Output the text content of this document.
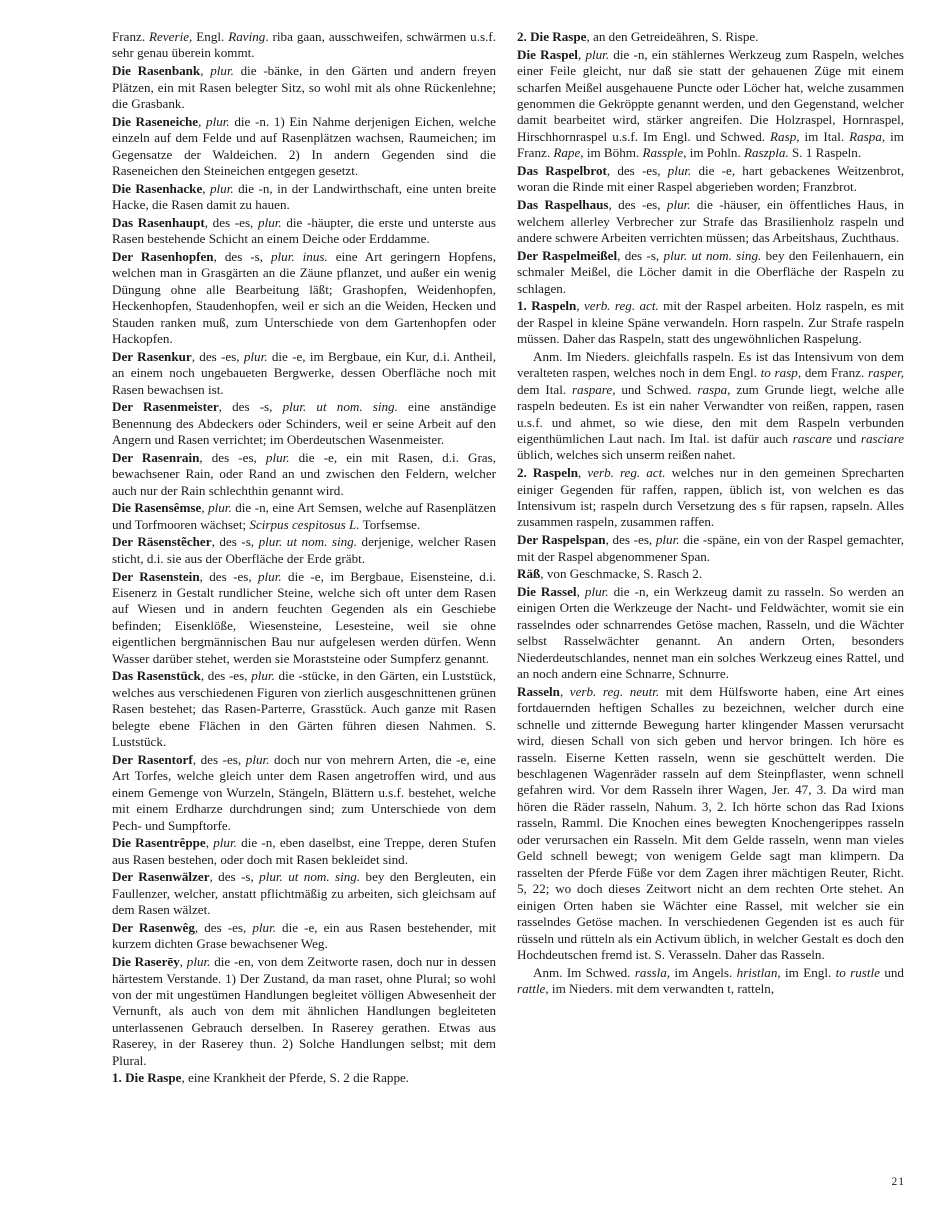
Franz. Reverie, Engl. Raving. riba gaan, ausschweifen, schwärmen u.s.f. sehr genau überein kommt.
Die Rasenbank, plur. die -bänke, in den Gärten und andern freyen Plätzen, ein mit Rasen belegter Sitz, so wohl mit als ohne Rückenlehne; die Grasbank.
Die Raseneiche, plur. die -n. 1) Ein Nahme derjenigen Eichen, welche einzeln auf dem Felde und auf Rasenplätzen wachsen, Raumeichen; im Gegensatze der Waldeichen. 2) In andern Gegenden sind die Raseneichen den Steineichen entgegen gesetzt.
Die Rasenhacke, plur. die -n, in der Landwirthschaft, eine unten breite Hacke, die Rasen damit zu hauen.
Das Rasenhaupt, des -es, plur. die -häupter, die erste und unterste aus Rasen bestehende Schicht an einem Deiche oder Erddamme.
Der Rasenhopfen, des -s, plur. inus. eine Art geringern Hopfens, welchen man in Grasgärten an die Zäune pflanzet, und außer ein wenig Düngung ohne alle Bearbeitung läßt; Grashopfen, Weidenhopfen, Heckenhopfen, Staudenhopfen, weil er sich an die Weiden, Hecken und Stauden ranken muß, zum Unterschiede von dem Gartenhopfen oder Hackopfen.
Der Rasenkur, des -es, plur. die -e, im Bergbaue, ein Kur, d.i. Antheil, an einem noch ungebaueten Bergwerke, dessen Oberfläche noch mit Rasen bewachsen ist.
Der Rasenmeister, des -s, plur. ut nom. sing. eine anständige Benennung des Abdeckers oder Schinders, weil er seine Arbeit auf den Angern und Rasen verrichtet; im Oberdeutschen Wasenmeister.
Der Rasenrain, des -es, plur. die -e, ein mit Rasen, d.i. Gras, bewachsener Rain, oder Rand an und zwischen den Feldern, welcher auch nur der Rain schlechthin genannt wird.
Die Rasensêmse, plur. die -n, eine Art Semsen, welche auf Rasenplätzen und Torfmooren wächset; Scirpus cespitosus L. Torfsemse.
Der Räsenstẽcher, des -s, plur. ut nom. sing. derjenige, welcher Rasen sticht, d.i. sie aus der Oberfläche der Erde gräbt.
Der Rasenstein, des -es, plur. die -e, im Bergbaue, Eisensteine, d.i. Eisenerz in Gestalt rundlicher Steine, welche sich oft unter dem Rasen auf Wiesen und in andern feuchten Gegenden als ein Geschiebe befinden; Eisenklöße, Wiesensteine, Lesesteine, weil sie ohne eigentlichen bergmännischen Bau nur aufgelesen werden dürfen. Wenn Wasser darüber stehet, werden sie Moraststeine oder Sumpferz genannt.
Das Rasenstück, des -es, plur. die -stücke, in den Gärten, ein Luststück, welches aus verschiedenen Figuren von zierlich ausgeschnittenen grünen Rasen bestehet; das Rasen-Parterre, Grasstück. Auch ganze mit Rasen belegte ebene Flächen in den Gärten führen diesen Nahmen. S. Luststück.
Der Rasentorf, des -es, plur. doch nur von mehrern Arten, die -e, eine Art Torfes, welche gleich unter dem Rasen angetroffen wird, und aus einem Gemenge von Wurzeln, Stängeln, Blättern u.s.f. bestehet, welche mit einem Erdharze durchdrungen sind; zum Unterschiede von dem Pech- und Sumpftorfe.
Die Rasentrêppe, plur. die -n, eben daselbst, eine Treppe, deren Stufen aus Rasen bestehen, oder doch mit Rasen bekleidet sind.
Der Rasenwälzer, des -s, plur. ut nom. sing. bey den Bergleuten, ein Faullenzer, welcher, anstatt pflichtmäßig zu arbeiten, sich gleichsam auf dem Rasen wälzet.
Der Rasenwêg, des -es, plur. die -e, ein aus Rasen bestehender, mit kurzem dichten Grase bewachsener Weg.
Die Raserēy, plur. die -en, von dem Zeitworte rasen, doch nur in dessen härtestem Verstande. 1) Der Zustand, da man raset, ohne Plural; so wohl von der mit ungestümen Handlungen begleitet völligen Abwesenheit der Vernunft, als auch von dem mit ähnlichen Handlungen begleiteten unterlassenen Gebrauch derselben. In Raserey gerathen. Etwas aus Raserey, in der Raserey thun. 2) Solche Handlungen selbst; mit dem Plural.
1. Die Raspe, eine Krankheit der Pferde, S. 2 die Rappe.
2. Die Raspe, an den Getreideähren, S. Rispe.
Die Raspel, plur. die -n, ein stählernes Werkzeug zum Raspeln, welches einer Feile gleicht, nur daß sie statt der gehauenen Züge mit einem scharfen Meißel ausgehauene Puncte oder Löcher hat, welche zusammen genommen die Gekröppte genannt werden, und den Gegenstand, welcher damit bearbeitet wird, stärker angreifen. Die Holzraspel, Hornraspel, Hirschhornraspel u.s.f. Im Engl. und Schwed. Rasp, im Ital. Raspa, im Franz. Rape, im Böhm. Rassple, im Pohln. Raszpla. S. 1 Raspeln.
Das Raspelbrot, des -es, plur. die -e, hart gebackenes Weitzenbrot, woran die Rinde mit einer Raspel abgerieben worden; Franzbrot.
Das Raspelhaus, des -es, plur. die -häuser, ein öffentliches Haus, in welchem allerley Verbrecher zur Strafe das Brasilienholz raspeln und andere schwere Arbeiten verrichten müssen; das Arbeitshaus, Zuchthaus.
Der Raspelmeißel, des -s, plur. ut nom. sing. bey den Feilenhauern, ein schmaler Meißel, die Löcher damit in die Oberfläche der Raspeln zu schlagen.
1. Raspeln, verb. reg. act. mit der Raspel arbeiten. Holz raspeln, es mit der Raspel in kleine Späne verwandeln. Horn raspeln. Zur Strafe raspeln müssen. Daher das Raspeln, statt des ungewöhnlichen Raspelung.
Anm. Im Nieders. gleichfalls raspeln. Es ist das Intensivum von dem veralteten raspen, welches noch in dem Engl. to rasp, dem Franz. rasper, dem Ital. raspare, und Schwed. raspa, zum Grunde liegt, welche alle raspeln bedeuten. Es ist ein naher Verwandter von reißen, rappen, rasen u.s.f. und ahmet, so wie diese, den mit dem Raspeln verbunden eigenthümlichen Laut nach. Im Ital. ist dafür auch rascare und rasciare üblich, welches sich unserm reißen nahet.
2. Raspeln, verb. reg. act. welches nur in den gemeinen Sprecharten einiger Gegenden für raffen, rappen, üblich ist, von welchen es das Intensivum ist; raspeln durch Versetzung des s für rapsen, rapseln. Alles zusammen raspeln, zusammen raffen.
Der Raspelspan, des -es, plur. die -späne, ein von der Raspel gemachter, mit der Raspel abgenommener Span.
Räß, von Geschmacke, S. Rasch 2.
Die Rassel, plur. die -n, ein Werkzeug damit zu rasseln. So werden an einigen Orten die Werkzeuge der Nacht- und Feldwächter, womit sie ein rasselndes oder schnarrendes Getöse machen, Rasseln, und die Wächter selbst Rasselwächter genannt. An andern Orten, besonders Niederdeutschlandes, nennet man ein solches Werkzeug eines Rattel, und an noch andern eine Schnarre, Schnurre.
Rasseln, verb. reg. neutr. mit dem Hülfsworte haben, eine Art eines fortdauernden heftigen Schalles zu bezeichnen, welcher durch eine schnelle und zitternde Bewegung harter klingender Massen verursacht wird, diesen Schall von sich geben und hervor bringen. Ich höre es rasseln. Eiserne Ketten rasseln, wenn sie geschüttelt werden. Die beschlagenen Wagenräder rasseln auf dem Steinpflaster, wenn schnell gefahren wird. Vor dem Rasseln ihrer Wagen, Jer. 47, 3. Da wird man hören die Räder rasseln, Nahum. 3, 2. Ich hörte schon das Rad Ixions rasseln, Ramml. Die Knochen eines bewegten Knochengerippes rasseln oder verursachen ein Rasseln. Mit dem Gelde rasseln, wenn man vieles Geld schnell bewegt; von wenigem Gelde sagt man klimpern. Da rasselten der Pferde Füße vor dem Zagen ihrer mächtigen Reuter, Richt. 5, 22; wo doch dieses Zeitwort nicht an dem rechten Orte stehet. An einigen Orten haben sie Wächter eine Rassel, mit welcher sie ein rasselndes Getöse machen. In verschiedenen Gegenden ist es auch für rüsseln und rütteln als ein Activum üblich, in welcher Gestalt es doch den Hochdeutschen fremd ist. S. Verasseln. Daher das Rasseln.
Anm. Im Schwed. rassla, im Angels. hristlan, im Engl. to rustle und rattle, im Nieders. mit dem verwandten t, ratteln,
21
